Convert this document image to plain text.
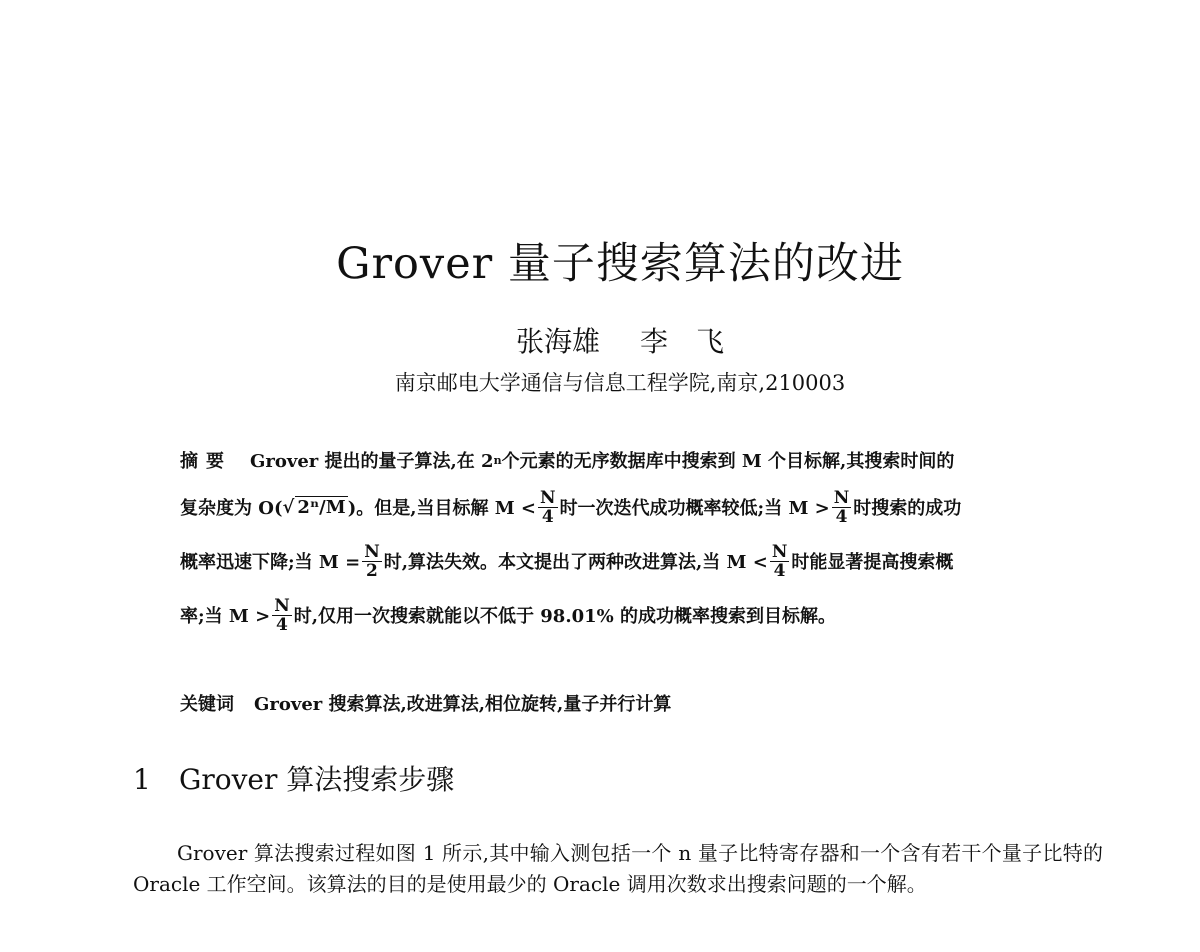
Grover 量子搜索算法的改进
张海雄 李　飞
南京邮电大学通信与信息工程学院,南京,210003
摘要 Grover 提出的量子算法,在 2 n 个元素的无序数据库中搜索到 M 个目标解,其搜索时间的
复杂度为 O( √ 2ⁿ/M )。但是,当目标解 $M < \frac{N}{4}$ 时一次迭代成功概率较低;当 $M > \frac{N}{4}$ 时搜索的成功
概率迅速下降;当 $M = \frac{N}{2}$ 时,算法失效。本文提出了两种改进算法,当 $M < \frac{N}{4}$ 时能显著提高搜索概
率;当 $M > \frac{N}{4}$ 时,仅用一次搜索就能以不低于 98.01% 的成功概率搜索到目标解。
关键词 Grover 搜索算法,改进算法,相位旋转,量子并行计算
1 Grover 算法搜索步骤
Grover 算法搜索过程如图 1 所示,其中输入测包括一个 n 量子比特寄存器和一个含有若干个量子比特的 Oracle 工作空间。该算法的目的是使用最少的 Oracle 调用次数求出搜索问题的一个解。
